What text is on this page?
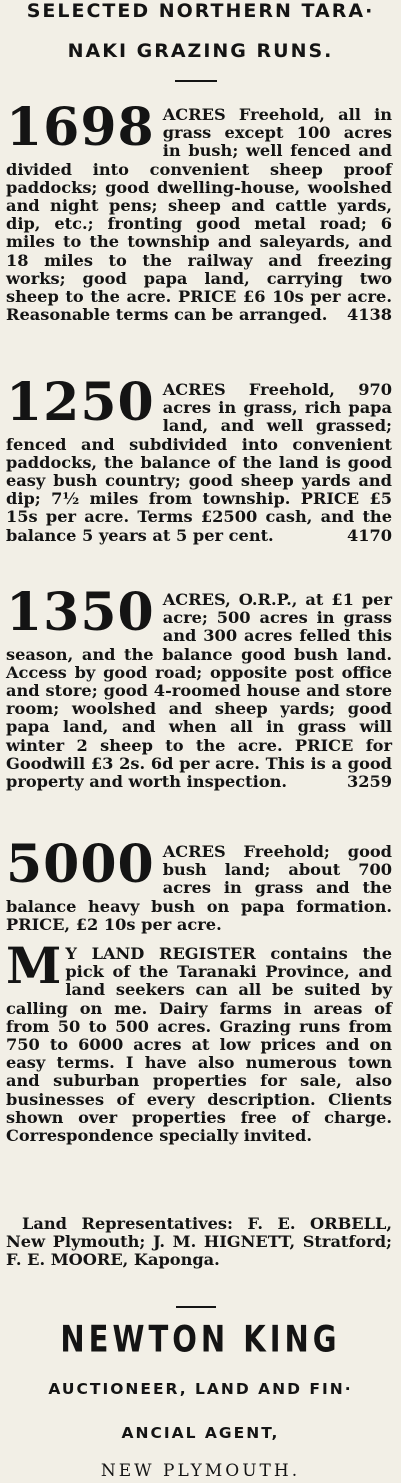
SELECTED NORTHERN TARA·
NAKI GRAZING RUNS.
1698 ACRES Freehold, all in grass except 100 acres in bush; well fenced and divided into convenient sheep proof paddocks; good dwelling-house, woolshed and night pens; sheep and cattle yards, dip, etc.; fronting good metal road; 6 miles to the township and saleyards, and 18 miles to the railway and freezing works; good papa land, carrying two sheep to the acre. PRICE £6 10s per acre. Reasonable terms can be arranged. 4138

1250 ACRES Freehold, 970 acres in grass, rich papa land, and well grassed; fenced and subdivided into convenient paddocks, the balance of the land is good easy bush country; good sheep yards and dip; 7½ miles from township. PRICE £5 15s per acre. Terms £2500 cash, and the balance 5 years at 5 per cent.	4170

1350 ACRES, O.R.P., at £1 per acre; 500 acres in grass and 300 acres felled this season, and the balance good bush land. Access by good road; opposite post office and store; good 4-roomed house and store room; woolshed and sheep yards; good papa land, and when all in grass will winter 2 sheep to the acre. PRICE for Goodwill £3 2s. 6d per acre. This is a good property and worth inspection.	3259

5000 ACRES Freehold; good bush land; about 700 acres in grass and the balance heavy bush on papa formation. PRICE, £2 10s per acre.

M Y LAND REGISTER contains the pick of the Taranaki Province, and land seekers can all be suited by calling on me. Dairy farms in areas of from 50 to 500 acres. Grazing runs from 750 to 6000 acres at low prices and on easy terms. I have also numerous town and suburban properties for sale, also businesses of every description. Clients shown over properties free of charge. Correspondence specially invited.

Land Representatives: F. E. ORBELL, New Plymouth; J. M. HIGNETT, Stratford; F. E. MOORE, Kaponga.

NEWTON KING
AUCTIONEER, LAND AND FIN·
ANCIAL AGENT,
NEW PLYMOUTH.
